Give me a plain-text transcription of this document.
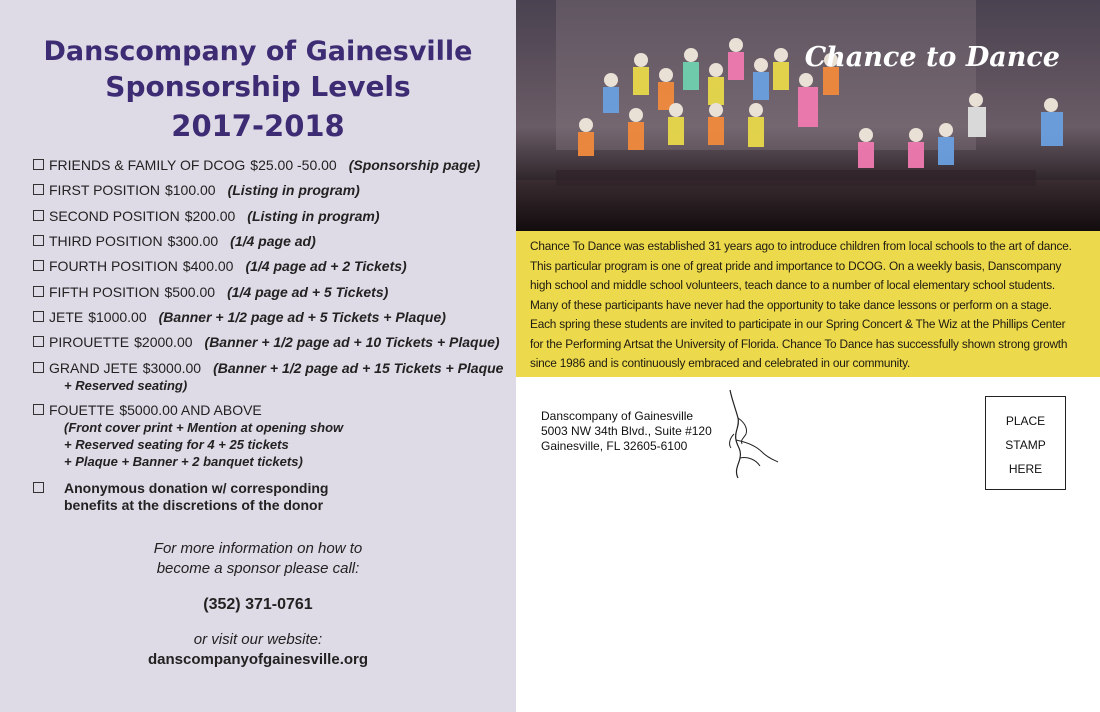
Danscompany of Gainesville
Sponsorship Levels
2017-2018
FRIENDS & FAMILY OF DCOG $25.00 -50.00 (Sponsorship page)
FIRST POSITION $100.00 (Listing in program)
SECOND POSITION $200.00 (Listing in program)
THIRD POSITION $300.00 (1/4 page ad)
FOURTH POSITION $400.00 (1/4 page ad + 2 Tickets)
FIFTH POSITION $500.00 (1/4 page ad + 5 Tickets)
JETE $1000.00 (Banner + 1/2 page ad + 5 Tickets + Plaque)
PIROUETTE $2000.00 (Banner + 1/2 page ad + 10 Tickets + Plaque)
GRAND JETE $3000.00 (Banner + 1/2 page ad + 15 Tickets + Plaque
+ Reserved seating)
FOUETTE $5000.00 AND ABOVE
(Front cover print + Mention at opening show
+ Reserved seating for 4 + 25 tickets
+ Plaque + Banner + 2 banquet tickets)
Anonymous donation w/ corresponding
benefits at the discretions of the donor
For more information on how to
become a sponsor please call:
(352) 371-0761
or visit our website:
danscompanyofgainesville.org
Chance to Dance
Chance To Dance was established 31 years ago to introduce children from local schools to the art of dance. This particular program is one of great pride and importance to DCOG. On a weekly basis, Danscompany high school and middle school volunteers, teach dance to a number of local elementary school students. Many of these participants have never had the opportunity to take dance lessons or perform on a stage. Each spring these students are invited to participate in our Spring Concert & The Wiz at the Phillips Center for the Performing Artsat the University of Florida. Chance To Dance has successfully shown strong growth since 1986 and is continuously embraced and celebrated in our community.
Danscompany of Gainesville
5003 NW 34th Blvd., Suite #120
Gainesville, FL 32605-6100
PLACE
STAMP
HERE
